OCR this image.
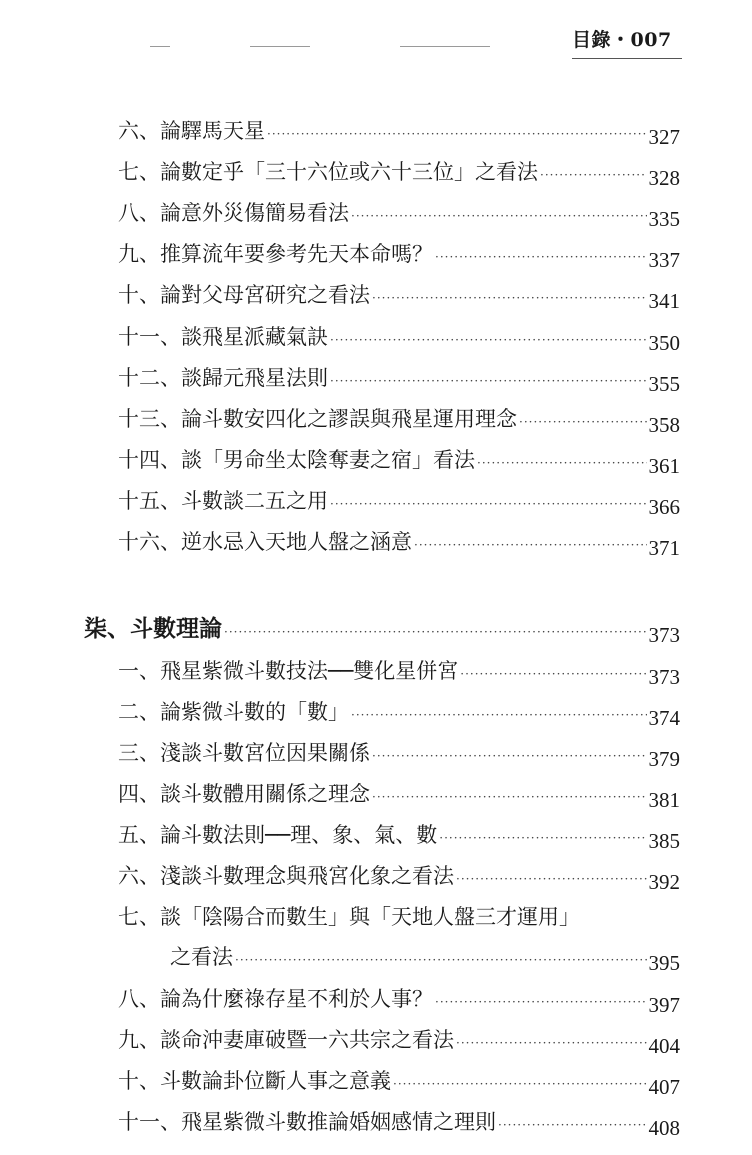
目錄・007
六、論驛馬天星 ·····	327
七、論數定乎「三十六位或六十三位」之看法 ·····	328
八、論意外災傷簡易看法 ·····	335
九、推算流年要參考先天本命嗎？ ·····	337
十、論對父母宮研究之看法 ·····	341
十一、談飛星派藏氣訣 ·····	350
十二、談歸元飛星法則 ·····	355
十三、論斗數安四化之謬誤與飛星運用理念 ·····	358
十四、談「男命坐太陰奪妻之宿」看法 ·····	361
十五、斗數談二五之用 ·····	366
十六、逆水忌入天地人盤之涵意 ·····	371
柒、斗數理論 ·····	373
一、飛星紫微斗數技法──雙化星併宮 ·····	373
二、論紫微斗數的「數」 ·····	374
三、淺談斗數宮位因果關係 ·····	379
四、談斗數體用關係之理念 ·····	381
五、論斗數法則──理、象、氣、數 ·····	385
六、淺談斗數理念與飛宮化象之看法 ·····	392
七、談「陰陽合而數生」與「天地人盤三才運用」
之看法 ·····	395
八、論為什麼祿存星不利於人事？ ·····	397
九、談命沖妻庫破暨一六共宗之看法 ·····	404
十、斗數論卦位斷人事之意義 ·····	407
十一、飛星紫微斗數推論婚姻感情之理則 ·····	408
